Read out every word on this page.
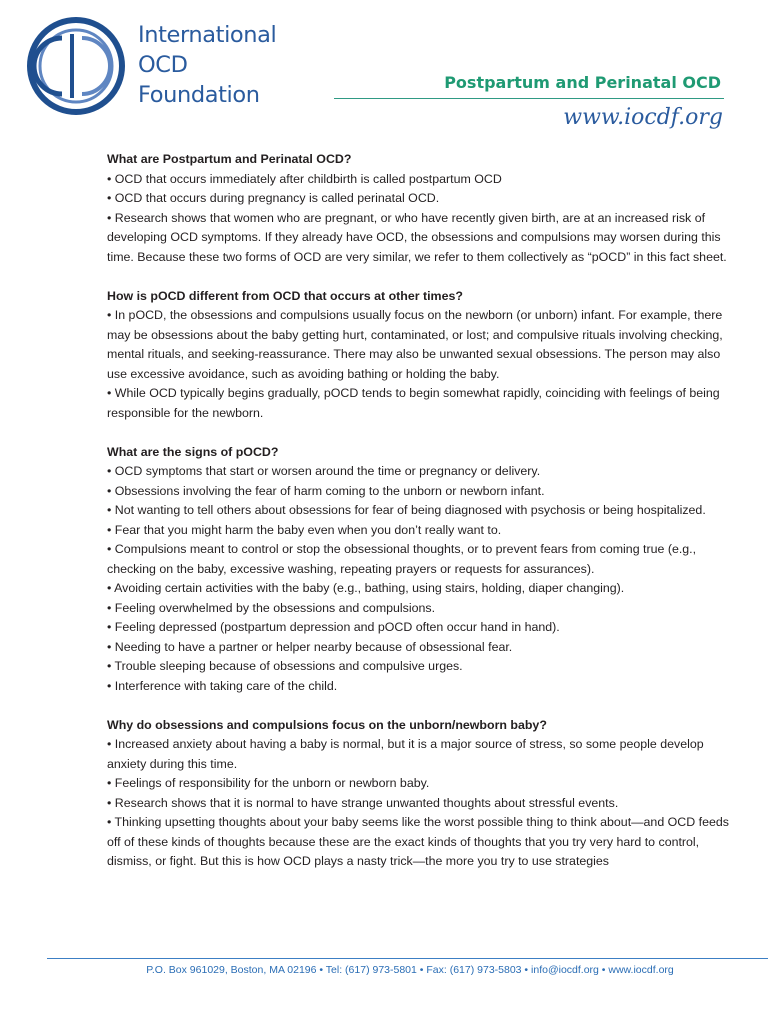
International
OCD
Foundation	Postpartum and Perinatal OCD
www.iocdf.org

What are Postpartum and Perinatal OCD?

• OCD that occurs immediately after childbirth is called postpartum OCD

• OCD that occurs during pregnancy is called perinatal OCD.

• Research shows that women who are pregnant, or who have recently given birth, are at an increased risk of developing OCD symptoms. If they already have OCD, the obsessions and compulsions may worsen during this time. Because these two forms of OCD are very similar, we refer to them collectively as “pOCD” in this fact sheet.

How is pOCD different from OCD that occurs at other times?

• In pOCD, the obsessions and compulsions usually focus on the newborn (or unborn) infant. For example, there may be obsessions about the baby getting hurt, contaminated, or lost; and compulsive rituals involving checking, mental rituals, and seeking-reassurance. There may also be unwanted sexual obsessions. The person may also use excessive avoidance, such as avoiding bathing or holding the baby.

• While OCD typically begins gradually, pOCD tends to begin somewhat rapidly, coinciding with feelings of being responsible for the newborn.

What are the signs of pOCD?

• OCD symptoms that start or worsen around the time or pregnancy or delivery.

• Obsessions involving the fear of harm coming to the unborn or newborn infant.

• Not wanting to tell others about obsessions for fear of being diagnosed with psychosis or being hospitalized.

• Fear that you might harm the baby even when you don’t really want to.

• Compulsions meant to control or stop the obsessional thoughts, or to prevent fears from coming true (e.g., checking on the baby, excessive washing, repeating prayers or requests for assurances).

• Avoiding certain activities with the baby (e.g., bathing, using stairs, holding, diaper changing).

• Feeling overwhelmed by the obsessions and compulsions.

• Feeling depressed (postpartum depression and pOCD often occur hand in hand).

• Needing to have a partner or helper nearby because of obsessional fear.

• Trouble sleeping because of obsessions and compulsive urges.

• Interference with taking care of the child.

Why do obsessions and compulsions focus on the unborn/newborn baby?

• Increased anxiety about having a baby is normal, but it is a major source of stress, so some people develop anxiety during this time.

• Feelings of responsibility for the unborn or newborn baby.

• Research shows that it is normal to have strange unwanted thoughts about stressful events.

• Thinking upsetting thoughts about your baby seems like the worst possible thing to think about—and OCD feeds off of these kinds of thoughts because these are the exact kinds of thoughts that you try very hard to control, dismiss, or fight. But this is how OCD plays a nasty trick—the more you try to use strategies

P.O. Box 961029, Boston, MA 02196 • Tel: (617) 973-5801 • Fax: (617) 973-5803 • info@iocdf.org • www.iocdf.org
